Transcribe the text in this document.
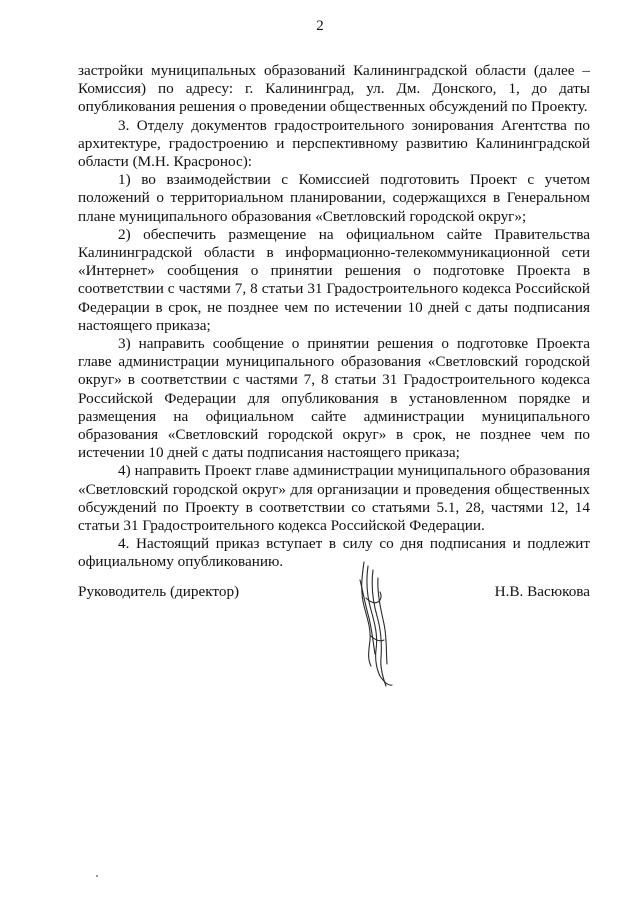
2

застройки муниципальных образований Калининградской области (далее – Комиссия) по адресу: г. Калининград, ул. Дм. Донского, 1, до даты опубликования решения о проведении общественных обсуждений по Проекту.

3. Отделу документов градостроительного зонирования Агентства по архитектуре, градостроению и перспективному развитию Калининградской области (М.Н. Красронос):

1) во взаимодействии с Комиссией подготовить Проект с учетом положений о территориальном планировании, содержащихся в Генеральном плане муниципального образования «Светловский городской округ»;

2) обеспечить размещение на официальном сайте Правительства Калининградской области в информационно-телекоммуникационной сети «Интернет» сообщения о принятии решения о подготовке Проекта в соответствии с частями 7, 8 статьи 31 Градостроительного кодекса Российской Федерации в срок, не позднее чем по истечении 10 дней с даты подписания настоящего приказа;

3) направить сообщение о принятии решения о подготовке Проекта главе администрации муниципального образования «Светловский городской округ» в соответствии с частями 7, 8 статьи 31 Градостроительного кодекса Российской Федерации для опубликования в установленном порядке и размещения на официальном сайте администрации муниципального образования «Светловский городской округ» в срок, не позднее чем по истечении 10 дней с даты подписания настоящего приказа;

4) направить Проект главе администрации муниципального образования «Светловский городской округ» для организации и проведения общественных обсуждений по Проекту в соответствии со статьями 5.1, 28, частями 12, 14 статьи 31 Градостроительного кодекса Российской Федерации.

4. Настоящий приказ вступает в силу со дня подписания и подлежит официальному опубликованию.

Руководитель (директор)	Н.В. Васюкова
